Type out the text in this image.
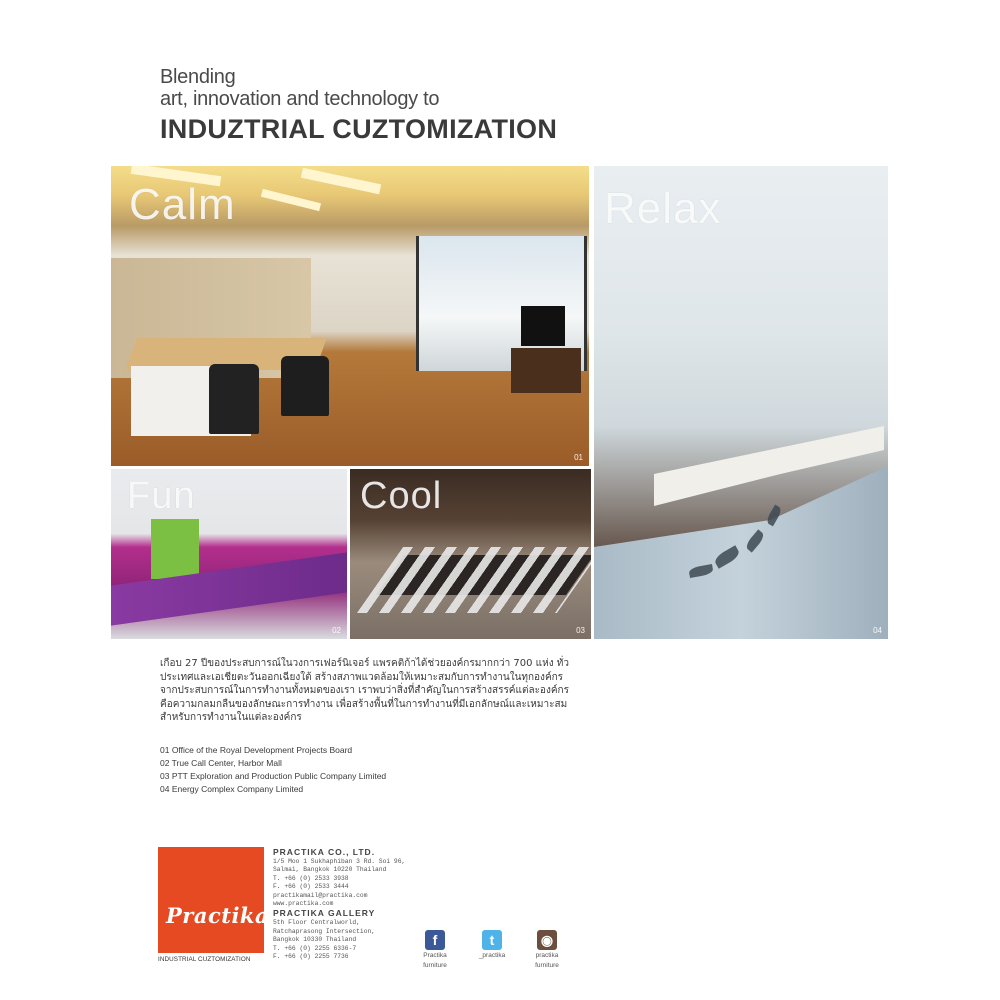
Blending
art, innovation and technology to
INDUZTRIAL CUZTOMIZATION
Calm
01
Relax
04
Fun
02
Cool
03
เกือบ 27 ปีของประสบการณ์ในวงการเฟอร์นิเจอร์ แพรคติก้าได้ช่วยองค์กรมากกว่า 700 แห่ง ทั่วประเทศและเอเชียตะวันออกเฉียงใต้ สร้างสภาพแวดล้อมให้เหมาะสมกับการทำงานในทุกองค์กร จากประสบการณ์ในการทำงานทั้งหมดของเรา เราพบว่าสิ่งที่สำคัญในการสร้างสรรค์แต่ละองค์กรคือความกลมกลืนของลักษณะการทำงาน เพื่อสร้างพื้นที่ในการทำงานที่มีเอกลักษณ์และเหมาะสมสำหรับการทำงานในแต่ละองค์กร
01 Office of the Royal Development Projects Board
02 True Call Center, Harbor Mall
03 PTT Exploration and Production Public Company Limited
04 Energy Complex Company Limited
Practika
INDUSTRIAL CUZTOMIZATION
PRACTIKA CO., LTD.
1/5 Moo 1 Sukhaphiban 3 Rd. Soi 96,
Salmai, Bangkok 10220 Thailand
T. +66 (0) 2533 3938
F. +66 (0) 2533 3444
practikamail@practika.com
www.practika.com
PRACTIKA GALLERY
5th Floor Centralworld,
Ratchaprasong Intersection,
Bangkok 10330 Thailand
T. +66 (0) 2255 6336-7
F. +66 (0) 2255 7736
f
Practika
furniture
t
_practika
◉
practika
furniture
